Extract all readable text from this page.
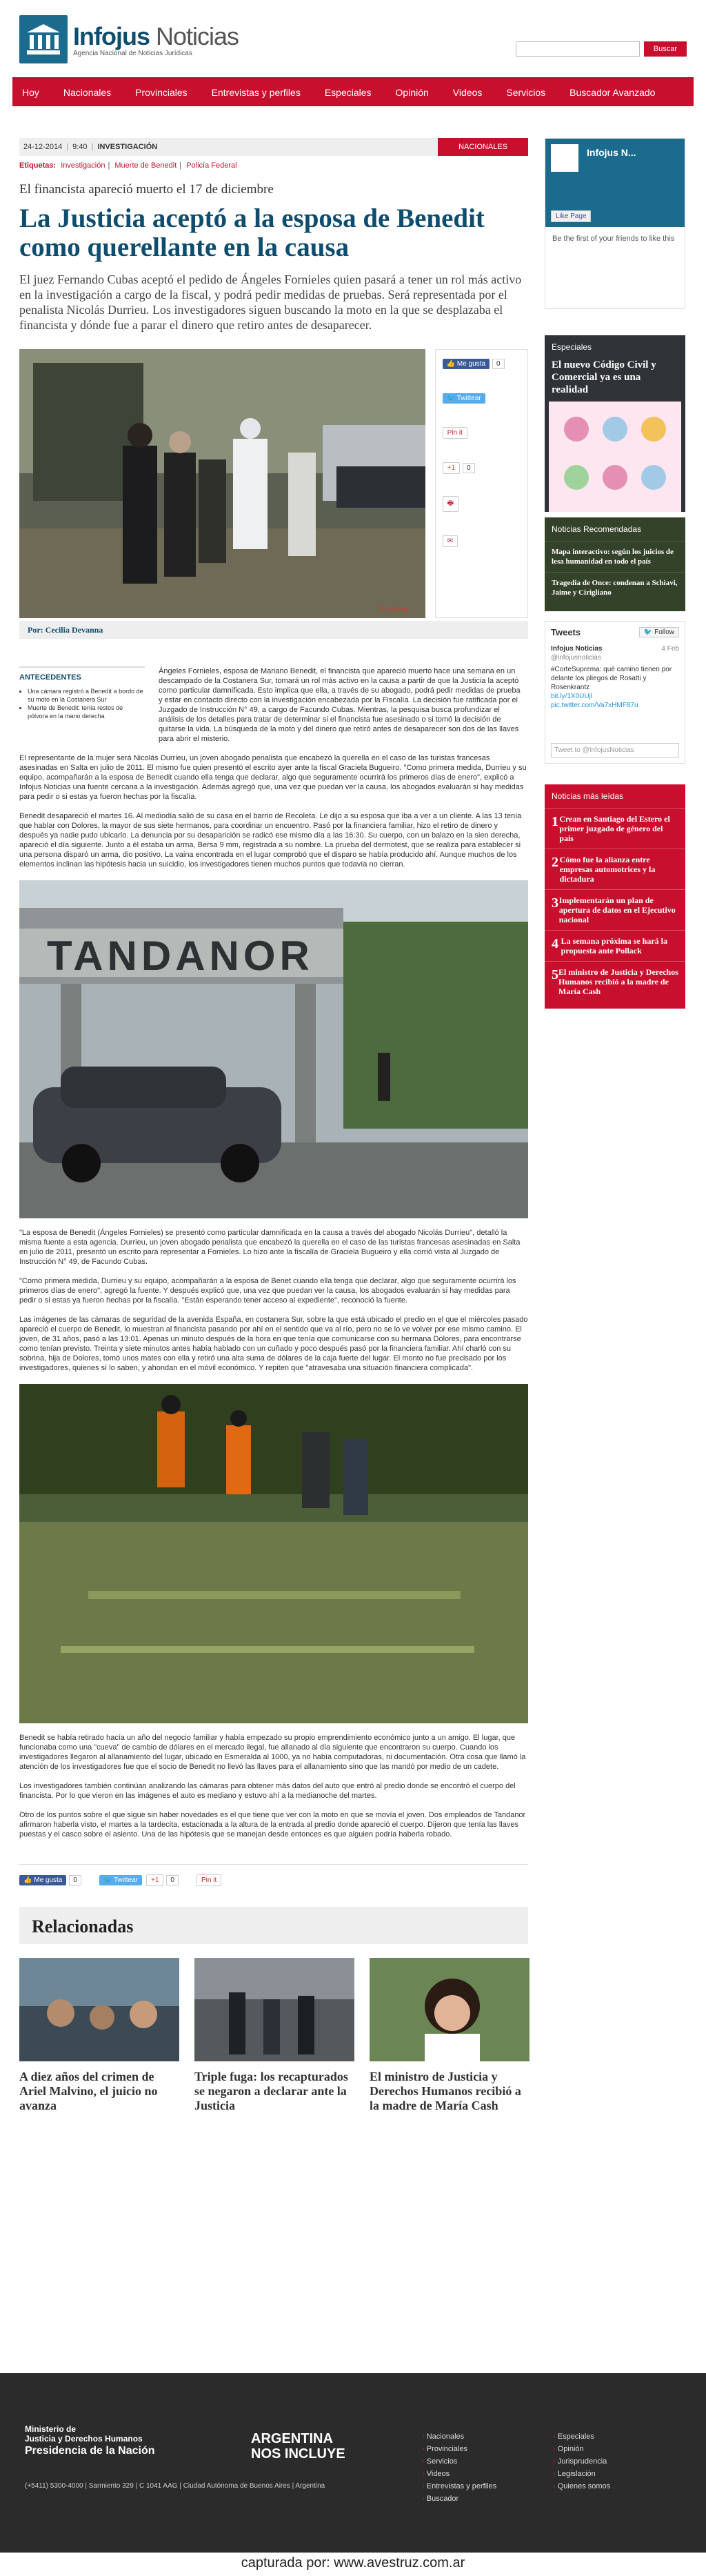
Infojus Noticias
Agencia Nacional de Noticias Jurídicas	Buscar
Hoy	Nacionales	Provinciales	Entrevistas y perfiles	Especiales	Opinión	Videos	Servicios	Buscador Avanzado
24-12-2014 | 9:40 | INVESTIGACIÓN	NACIONALES
Etiquetas: Investigación | Muerte de Benedit | Policía Federal
El financista apareció muerto el 17 de diciembre
La Justicia aceptó a la esposa de Benedit como querellante en la causa
El juez Fernando Cubas aceptó el pedido de Ángeles Fornieles quien pasará a tener un rol más activo en la investigación a cargo de la fiscal, y podrá pedir medidas de pruebas. Será representada por el penalista Nicolás Durrieu. Los investigadores siguen buscando la moto en la que se desplazaba el financista y dónde fue a parar el dinero que retiro antes de desaparecer.
Tel Verdeini
👍 Me gusta 0
🐦 Twittear
Pin it
+1 0
🖶
✉
Por: Cecilia Devanna
ANTECEDENTES
• Una cámara registró a Benedit a bordo de su moto en la Costanera Sur
• Muerte de Benedit: tenía restos de pólvora en la mano derecha
Ángeles Fornieles, esposa de Mariano Benedit, el financista que apareció muerto hace una semana en un descampado de la Costanera Sur, tomará un rol más activo en la causa a partir de que la Justicia la aceptó como particular damnificada. Esto implica que ella, a través de su abogado, podrá pedir medidas de prueba y estar en contacto directo con la investigación encabezada por la Fiscalía. La decisión fue ratificada por el Juzgado de Instrucción N° 49, a cargo de Facundo Cubas. Mientras, la pesquisa busca profundizar el análisis de los detalles para tratar de determinar si el financista fue asesinado o si tomó la decisión de quitarse la vida. La búsqueda de la moto y del dinero que retiró antes de desaparecer son dos de las llaves para abrir el misterio.

El representante de la mujer será Nicolás Durrieu, un joven abogado penalista que encabezó la querella en el caso de las turistas francesas asesinadas en Salta en julio de 2011. El mismo fue quien presentó el escrito ayer ante la fiscal Graciela Bugueiro. "Como primera medida, Durrieu y su equipo, acompañarán a la esposa de Benedit cuando ella tenga que declarar, algo que seguramente ocurrirá los primeros días de enero", explicó a Infojus Noticias una fuente cercana a la investigación. Además agregó que, una vez que puedan ver la causa, los abogados evaluarán si hay medidas para pedir o si estas ya fueron hechas por la fiscalía.

Benedit desapareció el martes 16. Al mediodía salió de su casa en el barrio de Recoleta. Le dijo a su esposa que iba a ver a un cliente. A las 13 tenía que hablar con Dolores, la mayor de sus siete hermanos, para coordinar un encuentro. Pasó por la financiera familiar, hizo el retiro de dinero y después ya nadie pudo ubicarlo. La denuncia por su desaparición se radicó ese mismo día a las 16:30. Su cuerpo, con un balazo en la sien derecha, apareció el día siguiente. Junto a él estaba un arma, Bersa 9 mm, registrada a su nombre. La prueba del dermotest, que se realiza para establecer si una persona disparó un arma, dio positivo. La vaina encontrada en el lugar comprobó que el disparo se había producido ahí. Aunque muchos de los elementos inclinan las hipótesis hacia un suicidio, los investigadores tienen muchos puntos que todavía no cierran.

TANDANOR

"La esposa de Benedit (Ángeles Fornieles) se presentó como particular damnificada en la causa a través del abogado Nicolás Durrieu", detalló la misma fuente a esta agencia. Durrieu, un joven abogado penalista que encabezó la querella en el caso de las turistas francesas asesinadas en Salta en julio de 2011, presentó un escrito para representar a Fornieles. Lo hizo ante la fiscalía de Graciela Bugueiro y ella corrió vista al Juzgado de Instrucción N° 49, de Facundo Cubas.

"Como primera medida, Durrieu y su equipo, acompañarán a la esposa de Benet cuando ella tenga que declarar, algo que seguramente ocurrirá los primeros días de enero", agregó la fuente. Y después explicó que, una vez que puedan ver la causa, los abogados evaluarán si hay medidas para pedir o si estas ya fueron hechas por la fiscalía. "Están esperando tener acceso al expediente", reconoció la fuente.

Las imágenes de las cámaras de seguridad de la avenida España, en costanera Sur, sobre la que está ubicado el predio en el que el miércoles pasado apareció el cuerpo de Benedit, lo muestran al financista pasando por ahí en el sentido que va al río, pero no se lo ve volver por ese mismo camino. El joven, de 31 años, pasó a las 13:01. Apenas un minuto después de la hora en que tenía que comunicarse con su hermana Dolores, para encontrarse como tenían previsto. Treinta y siete minutos antes había hablado con un cuñado y poco después pasó por la financiera familiar. Ahí charló con su sobrina, hija de Dolores, tomó unos mates con ella y retiró una alta suma de dólares de la caja fuerte del lugar. El monto no fue precisado por los investigadores, quienes sí lo saben, y ahondan en el móvil económico. Y repiten que "atravesaba una situación financiera complicada".

Benedit se había retirado hacía un año del negocio familiar y había empezado su propio emprendimiento económico junto a un amigo. El lugar, que funcionaba como una "cueva" de cambio de dólares en el mercado ilegal, fue allanado al día siguiente que encontraron su cuerpo. Cuando los investigadores llegaron al allanamiento del lugar, ubicado en Esmeralda al 1000, ya no había computadoras, ni documentación. Otra cosa que llamó la atención de los investigadores fue que el socio de Benedit no llevó las llaves para el allanamiento sino que las mandó por medio de un cadete.

Los investigadores también continúan analizando las cámaras para obtener más datos del auto que entró al predio donde se encontró el cuerpo del financista. Por lo que vieron en las imágenes el auto es mediano y estuvo ahí a la medianoche del martes.

Otro de los puntos sobre el que sigue sin haber novedades es el que tiene que ver con la moto en que se movía el joven. Dos empleados de Tandanor afirmaron haberla visto, el martes a la tardecita, estacionada a la altura de la entrada al predio donde apareció el cuerpo. Dijeron que tenía las llaves puestas y el casco sobre el asiento. Una de las hipótesis que se manejan desde entonces es que alguien podría haberla robado.

👍 Me gusta	0	🐦 Twittear	+1	0	Pin it
Relacionadas
A diez años del crimen de Ariel Malvino, el juicio no avanza
Triple fuga: los recapturados se negaron a declarar ante la Justicia
El ministro de Justicia y Derechos Humanos recibió a la madre de María Cash
Infojus N...
Like Page
Be the first of your friends to like this
Especiales
El nuevo Código Civil y Comercial ya es una realidad
Noticias Recomendadas
Mapa interactivo: según los juicios de lesa humanidad en todo el país
Tragedia de Once: condenan a Schiavi, Jaime y Cirigliano
Tweets	🐦 Follow
Infojus Noticias	4 Feb
@infojusnoticias
#CorteSuprema: qué camino tienen por delante los pliegos de Rosatti y Rosenkrantz
bit.ly/1X0UUjl pic.twitter.com/Va7xHMF87u
Tweet to @InfojusNoticias
Noticias más leídas
1 Crean en Santiago del Estero el primer juzgado de género del país
2 Cómo fue la alianza entre empresas automotrices y la dictadura
3 Implementarán un plan de apertura de datos en el Ejecutivo nacional
4 La semana próxima se hará la propuesta ante Pollack
5 El ministro de Justicia y Derechos Humanos recibió a la madre de María Cash
Ministerio de
Justicia y Derechos Humanos
Presidencia de la Nación
(+5411) 5300-4000 | Sarmiento 329 | C 1041 AAG | Ciudad Autónoma de Buenos Aires | Argentina
ARGENTINA
NOS INCLUYE
› Nacionales	› Especiales
› Provinciales	› Opinión
› Servicios	› Jurisprudencia
› Videos	› Legislación
› Entrevistas y perfiles	› Quienes somos
› Buscador
capturada por: www.avestruz.com.ar
